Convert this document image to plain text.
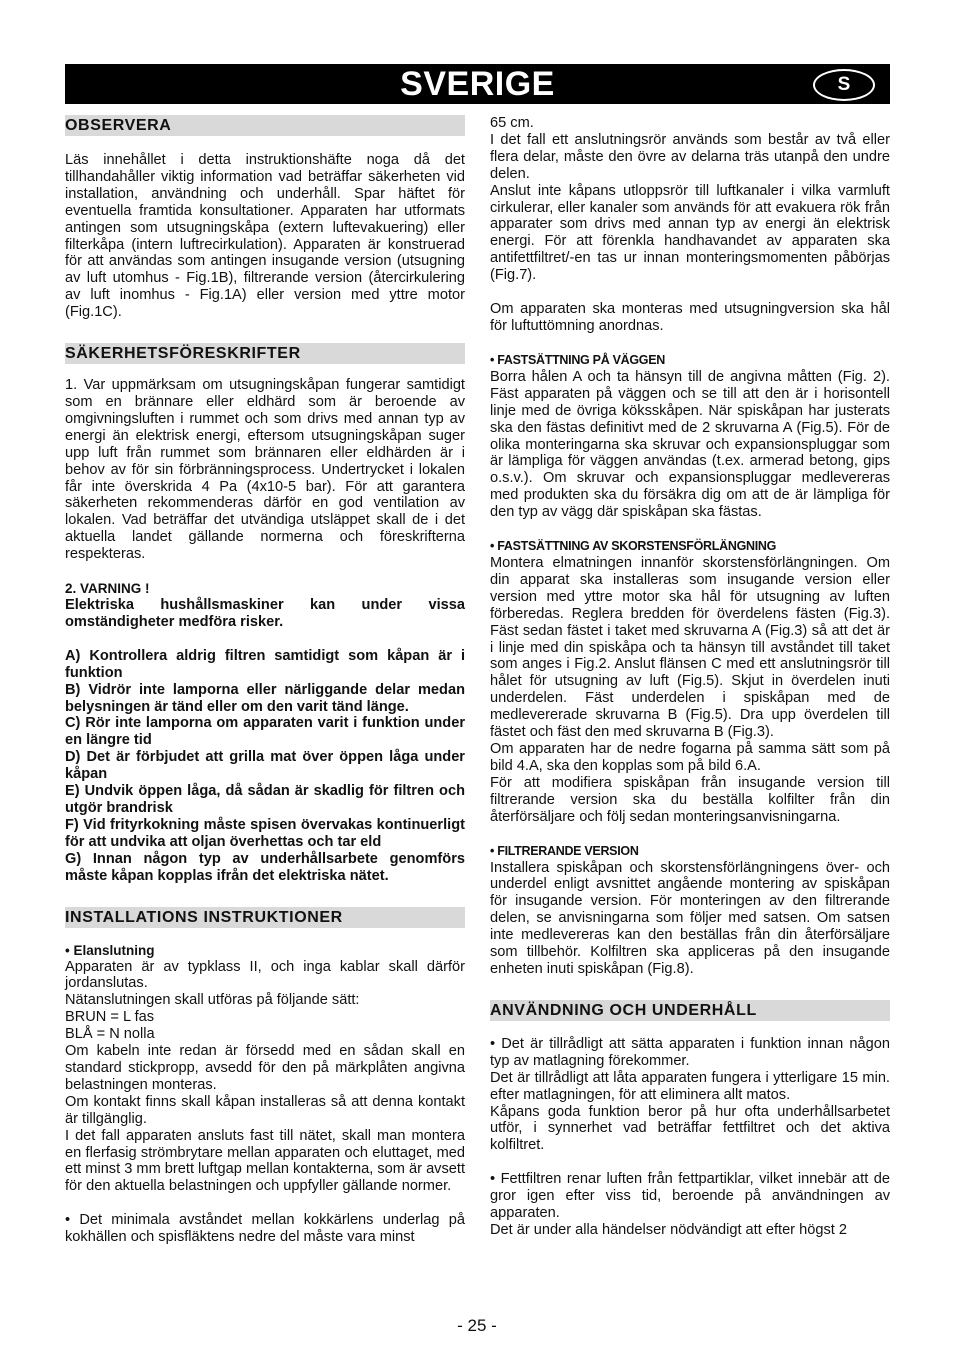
SVERIGE	S
OBSERVERA

Läs innehållet i detta instruktionshäfte noga då det tillhandahåller viktig information vad beträffar säkerheten vid installation, användning och underhåll. Spar häftet för eventuella framtida konsultationer. Apparaten har utformats antingen som utsugningskåpa (extern luftevakuering) eller filterkåpa (intern luftrecirkulation). Apparaten är konstruerad för att användas som antingen insugande version (utsugning av luft utomhus - Fig.1B), filtrerande version (återcirkulering av luft inomhus - Fig.1A) eller version med yttre motor (Fig.1C).

SÄKERHETSFÖRESKRIFTER

1. Var uppmärksam om utsugningskåpan fungerar samtidigt som en brännare eller eldhärd som är beroende av omgivningsluften i rummet och som drivs med annan typ av energi än elektrisk energi, eftersom utsugningskåpan suger upp luft från rummet som brännaren eller eldhärden är i behov av för sin förbränningsprocess. Undertrycket i lokalen får inte överskrida 4 Pa (4x10-5 bar). För att garantera säkerheten rekommenderas därför en god ventilation av lokalen. Vad beträffar det utvändiga utsläppet skall de i det aktuella landet gällande normerna och föreskrifterna respekteras.

2. VARNING !

Elektriska hushållsmaskiner kan under vissa omständigheter medföra risker.

A) Kontrollera aldrig filtren samtidigt som kåpan är i funktion
B) Vidrör inte lamporna eller närliggande delar medan belysningen är tänd eller om den varit tänd länge.
C) Rör inte lamporna om apparaten varit i funktion under en längre tid
D) Det är förbjudet att grilla mat över öppen låga under kåpan
E) Undvik öppen låga, då sådan är skadlig för filtren och utgör brandrisk
F) Vid frityrkokning måste spisen övervakas kontinuerligt för att undvika att oljan överhettas och tar eld
G) Innan någon typ av underhållsarbete genomförs måste kåpan kopplas ifrån det elektriska nätet.
INSTALLATIONS INSTRUKTIONER

• Elanslutning

Apparaten är av typklass II, och inga kablar skall därför jordanslutas.

Nätanslutningen skall utföras på följande sätt:

BRUN = L fas

BLÅ = N nolla

Om kabeln inte redan är försedd med en sådan skall en standard stickpropp, avsedd för den på märkplåten angivna belastningen monteras.

Om kontakt finns skall kåpan installeras så att denna kontakt är tillgänglig.

I det fall apparaten ansluts fast till nätet, skall man montera en flerfasig strömbrytare mellan apparaten och eluttaget, med ett minst 3 mm brett luftgap mellan kontakterna, som är avsett för den aktuella belastningen och uppfyller gällande normer.

• Det minimala avståndet mellan kokkärlens underlag på kokhällen och spisfläktens nedre del måste vara minst

65 cm.

I det fall ett anslutningsrör används som består av två eller flera delar, måste den övre av delarna träs utanpå den undre delen.

Anslut inte kåpans utloppsrör till luftkanaler i vilka varmluft cirkulerar, eller kanaler som används för att evakuera rök från apparater som drivs med annan typ av energi än elektrisk energi. För att förenkla handhavandet av apparaten ska antifettfiltret/-en tas ur innan monteringsmomenten påbörjas (Fig.7).

Om apparaten ska monteras med utsugningversion ska hål för luftuttömning anordnas.

• FASTSÄTTNING PÅ VÄGGEN

Borra hålen A och ta hänsyn till de angivna måtten (Fig. 2). Fäst apparaten på väggen och se till att den är i horisontell linje med de övriga köksskåpen. När spiskåpan har justerats ska den fästas definitivt med de 2 skruvarna A (Fig.5). För de olika monteringarna ska skruvar och expansionspluggar som är lämpliga för väggen användas (t.ex. armerad betong, gips o.s.v.). Om skruvar och expansionspluggar medlevereras med produkten ska du försäkra dig om att de är lämpliga för den typ av vägg där spiskåpan ska fästas.

• FASTSÄTTNING AV SKORSTENSFÖRLÄNGNING

Montera elmatningen innanför skorstensförlängningen. Om din apparat ska installeras som insugande version eller version med yttre motor ska hål för utsugning av luften förberedas. Reglera bredden för överdelens fästen (Fig.3). Fäst sedan fästet i taket med skruvarna A (Fig.3) så att det är i linje med din spiskåpa och ta hänsyn till avståndet till taket som anges i Fig.2. Anslut flänsen C med ett anslutningsrör till hålet för utsugning av luft (Fig.5). Skjut in överdelen inuti underdelen. Fäst underdelen i spiskåpan med de medlevererade skruvarna B (Fig.5). Dra upp överdelen till fästet och fäst den med skruvarna B (Fig.3).

Om apparaten har de nedre fogarna på samma sätt som på bild 4.A, ska den kopplas som på bild 6.A.

För att modifiera spiskåpan från insugande version till filtrerande version ska du beställa kolfilter från din återförsäljare och följ sedan monteringsanvisningarna.

• FILTRERANDE VERSION

Installera spiskåpan och skorstensförlängningens över- och underdel enligt avsnittet angående montering av spiskåpan för insugande version. För monteringen av den filtrerande delen, se anvisningarna som följer med satsen. Om satsen inte medlevereras kan den beställas från din återförsäljare som tillbehör. Kolfiltren ska appliceras på den insugande enheten inuti spiskåpan (Fig.8).

ANVÄNDNING OCH UNDERHÅLL

• Det är tillrådligt att sätta apparaten i funktion innan någon typ av matlagning förekommer.

Det är tillrådligt att låta apparaten fungera i ytterligare 15 min. efter matlagningen, för att eliminera allt matos.

Kåpans goda funktion beror på hur ofta underhållsarbetet utför, i synnerhet vad beträffar fettfiltret och det aktiva kolfiltret.

• Fettfiltren renar luften från fettpartiklar, vilket innebär att de gror igen efter viss tid, beroende på användningen av apparaten.

Det är under alla händelser nödvändigt att efter högst 2

- 25 -
